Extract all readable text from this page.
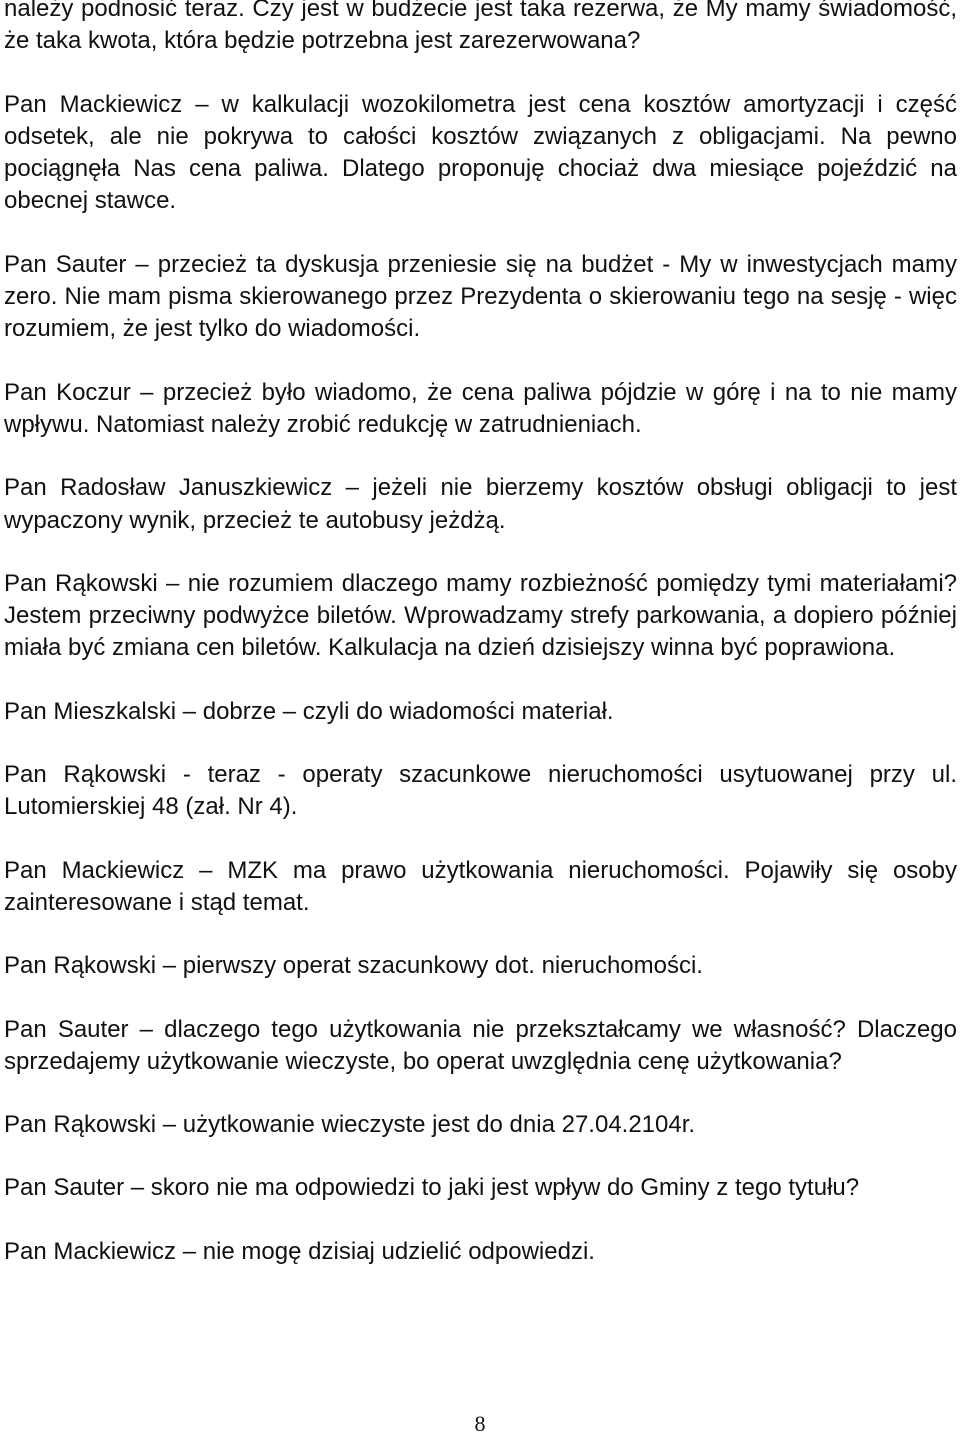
należy podnosić teraz. Czy jest w budżecie jest taka rezerwa, że My mamy świadomość, że taka kwota, która będzie potrzebna jest zarezerwowana?

Pan Mackiewicz – w kalkulacji wozokilometra jest cena kosztów amortyzacji i część odsetek, ale nie pokrywa to całości kosztów związanych z obligacjami. Na pewno pociągnęła Nas cena paliwa. Dlatego proponuję chociaż dwa miesiące pojeździć na obecnej stawce.

Pan Sauter – przecież ta dyskusja przeniesie się na budżet - My w inwestycjach mamy zero. Nie mam pisma skierowanego przez Prezydenta o skierowaniu tego na sesję - więc rozumiem, że jest tylko do wiadomości.

Pan Koczur – przecież było wiadomo, że cena paliwa pójdzie w górę i na to nie mamy wpływu. Natomiast należy zrobić redukcję w zatrudnieniach.

Pan Radosław Januszkiewicz – jeżeli nie bierzemy kosztów obsługi obligacji to jest wypaczony wynik, przecież te autobusy jeżdżą.

Pan Rąkowski – nie rozumiem dlaczego mamy rozbieżność pomiędzy tymi materiałami? Jestem przeciwny podwyżce biletów. Wprowadzamy strefy parkowania, a dopiero później miała być zmiana cen biletów. Kalkulacja na dzień dzisiejszy winna być poprawiona.

Pan Mieszkalski – dobrze – czyli do wiadomości materiał.

Pan Rąkowski - teraz - operaty szacunkowe nieruchomości usytuowanej przy ul. Lutomierskiej 48 (zał. Nr 4).

Pan Mackiewicz – MZK ma prawo użytkowania nieruchomości. Pojawiły się osoby zainteresowane i stąd temat.

Pan Rąkowski – pierwszy operat szacunkowy dot. nieruchomości.

Pan Sauter – dlaczego tego użytkowania nie przekształcamy we własność? Dlaczego sprzedajemy użytkowanie wieczyste, bo operat uwzględnia cenę użytkowania?

Pan Rąkowski – użytkowanie wieczyste jest do dnia 27.04.2104r.

Pan Sauter – skoro nie ma odpowiedzi to jaki jest wpływ do Gminy z tego tytułu?

Pan Mackiewicz – nie mogę dzisiaj udzielić odpowiedzi.

8
